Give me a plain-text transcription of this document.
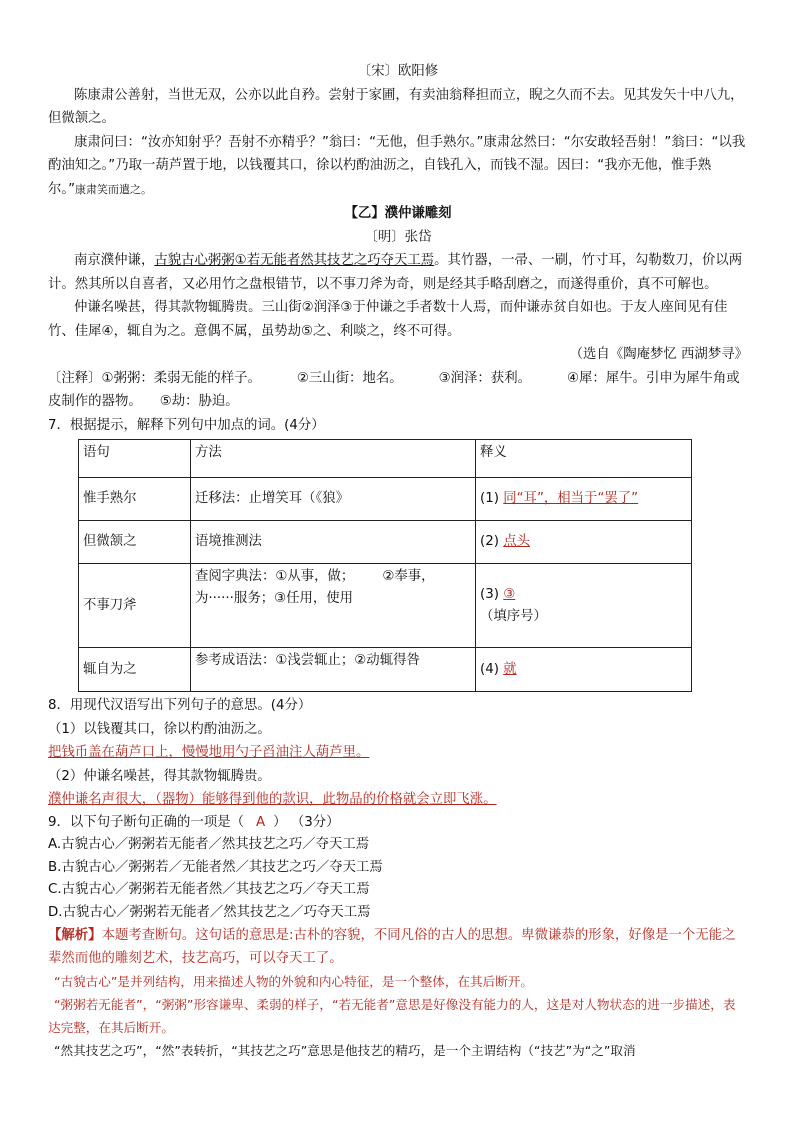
〔宋〕欧阳修

陈康肃公善射，当世无双，公亦以此自矜。尝射于家圃，有卖油翁释担而立，睨之久而不去。见其发矢十中八九，但微颔之。

康肃问曰：“汝亦知射乎？吾射不亦精乎？”翁曰：“无他，但手熟尔。”康肃忿然曰：“尔安敢轻吾射！”翁曰：“以我酌油知之。”乃取一葫芦置于地，以钱覆其口，徐以杓酌油沥之，自钱孔入，而钱不湿。因曰：“我亦无他，惟手熟尔。”康肃笑而遣之。

【乙】濮仲谦雕刻
〔明〕张岱

南京濮仲谦，古貌古心粥粥①若无能者然其技艺之巧夺天工焉。其竹器，一帚、一刷，竹寸耳，勾勒数刀，价以两计。然其所以自喜者，又必用竹之盘根错节，以不事刀斧为奇，则是经其手略刮磨之，而遂得重价，真不可解也。

仲谦名噪甚，得其款物辄腾贵。三山街②润泽③于仲谦之手者数十人焉，而仲谦赤贫自如也。于友人座间见有佳竹、佳犀④，辄自为之。意偶不属，虽势劫⑤之、利啖之，终不可得。

（选自《陶庵梦忆 西湖梦寻》

〔注释〕①粥粥：柔弱无能的样子。	②三山街：地名。	③润泽：获利。	④犀：犀牛。引申为犀牛角或
皮制作的器物。 ⑤劫：胁迫。

7．根据提示，解释下列句中加点的词。(4分）

语句	方法	释义
惟手熟尔	迁移法：止增笑耳（《狼》	(1) 同“耳”，相当于“罢了”
但微颔之	语境推测法	(2) 点头
不事刀斧	查阅字典法：①从事，做； ②奉事，
为······服务；③任用，使用	(3) ③
（填序号）
辄自为之	参考成语法：①浅尝辄止；②动辄得咎	(4) 就

8．用现代汉语写出下列句子的意思。(4分）

（1）以钱覆其口，徐以杓酌油沥之。

把钱币盖在葫芦口上，慢慢地用勺子舀油注人葫芦里。

（2）仲谦名噪甚，得其款物辄腾贵。

濮仲谦名声很大，（器物）能够得到他的款识，此物品的价格就会立即飞涨。

9．以下句子断句正确的一项是（ A ） （3分）

A.古貌古心／粥粥若无能者／然其技艺之巧／夺天工焉

B.古貌古心／粥粥若／无能者然／其技艺之巧／夺天工焉

C.古貌古心／粥粥若无能者然／其技艺之巧／夺天工焉

D.古貌古心／粥粥若无能者／然其技艺之／巧夺天工焉

【解析】本题考查断句。这句话的意思是:古朴的容貌，不同凡俗的古人的思想。卑微谦恭的形象，好像是一个无能之辈然而他的雕刻艺术，技艺高巧，可以夺天工了。

“古貌古心”是并列结构，用来描述人物的外貌和内心特征，是一个整体，在其后断开。

“粥粥若无能者”，“粥粥”形容谦卑、柔弱的样子，“若无能者”意思是好像没有能力的人，这是对人物状态的进一步描述，表达完整，在其后断开。

“然其技艺之巧”，“然”表转折，“其技艺之巧”意思是他技艺的精巧，是一个主谓结构（“技艺”为“之”取消
